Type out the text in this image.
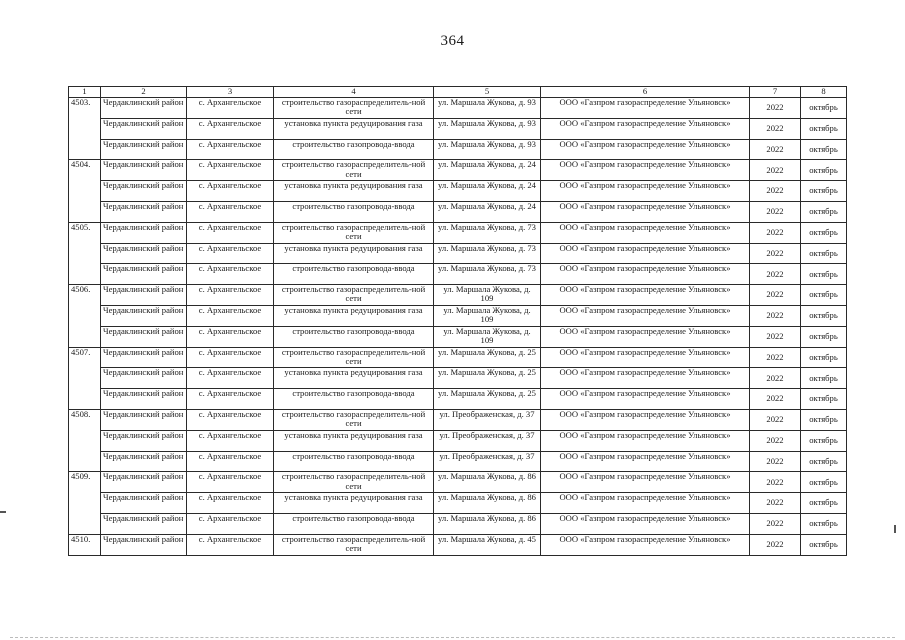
364
1	2	3	4	5	6	7	8
4503.	Чердаклинский район	с. Архангельское	строительство газораспределитель-ной сети	ул. Маршала Жукова, д. 93	ООО «Газпром газораспределение Ульяновск»	2022	октябрь
	Чердаклинский район	с. Архангельское	установка пункта редуцирования газа	ул. Маршала Жукова, д. 93	ООО «Газпром газораспределение Ульяновск»	2022	октябрь
	Чердаклинский район	с. Архангельское	строительство газопровода-ввода	ул. Маршала Жукова, д. 93	ООО «Газпром газораспределение Ульяновск»	2022	октябрь
4504.	Чердаклинский район	с. Архангельское	строительство газораспределитель-ной сети	ул. Маршала Жукова, д. 24	ООО «Газпром газораспределение Ульяновск»	2022	октябрь
	Чердаклинский район	с. Архангельское	установка пункта редуцирования газа	ул. Маршала Жукова, д. 24	ООО «Газпром газораспределение Ульяновск»	2022	октябрь
	Чердаклинский район	с. Архангельское	строительство газопровода-ввода	ул. Маршала Жукова, д. 24	ООО «Газпром газораспределение Ульяновск»	2022	октябрь
4505.	Чердаклинский район	с. Архангельское	строительство газораспределитель-ной сети	ул. Маршала Жукова, д. 73	ООО «Газпром газораспределение Ульяновск»	2022	октябрь
	Чердаклинский район	с. Архангельское	установка пункта редуцирования газа	ул. Маршала Жукова, д. 73	ООО «Газпром газораспределение Ульяновск»	2022	октябрь
	Чердаклинский район	с. Архангельское	строительство газопровода-ввода	ул. Маршала Жукова, д. 73	ООО «Газпром газораспределение Ульяновск»	2022	октябрь
4506.	Чердаклинский район	с. Архангельское	строительство газораспределитель-ной сети	ул. Маршала Жукова, д. 109	ООО «Газпром газораспределение Ульяновск»	2022	октябрь
	Чердаклинский район	с. Архангельское	установка пункта редуцирования газа	ул. Маршала Жукова, д. 109	ООО «Газпром газораспределение Ульяновск»	2022	октябрь
	Чердаклинский район	с. Архангельское	строительство газопровода-ввода	ул. Маршала Жукова, д. 109	ООО «Газпром газораспределение Ульяновск»	2022	октябрь
4507.	Чердаклинский район	с. Архангельское	строительство газораспределитель-ной сети	ул. Маршала Жукова, д. 25	ООО «Газпром газораспределение Ульяновск»	2022	октябрь
	Чердаклинский район	с. Архангельское	установка пункта редуцирования газа	ул. Маршала Жукова, д. 25	ООО «Газпром газораспределение Ульяновск»	2022	октябрь
	Чердаклинский район	с. Архангельское	строительство газопровода-ввода	ул. Маршала Жукова, д. 25	ООО «Газпром газораспределение Ульяновск»	2022	октябрь
4508.	Чердаклинский район	с. Архангельское	строительство газораспределитель-ной сети	ул. Преображенская, д. 37	ООО «Газпром газораспределение Ульяновск»	2022	октябрь
	Чердаклинский район	с. Архангельское	установка пункта редуцирования газа	ул. Преображенская, д. 37	ООО «Газпром газораспределение Ульяновск»	2022	октябрь
	Чердаклинский район	с. Архангельское	строительство газопровода-ввода	ул. Преображенская, д. 37	ООО «Газпром газораспределение Ульяновск»	2022	октябрь
4509.	Чердаклинский район	с. Архангельское	строительство газораспределитель-ной сети	ул. Маршала Жукова, д. 86	ООО «Газпром газораспределение Ульяновск»	2022	октябрь
	Чердаклинский район	с. Архангельское	установка пункта редуцирования газа	ул. Маршала Жукова, д. 86	ООО «Газпром газораспределение Ульяновск»	2022	октябрь
	Чердаклинский район	с. Архангельское	строительство газопровода-ввода	ул. Маршала Жукова, д. 86	ООО «Газпром газораспределение Ульяновск»	2022	октябрь
4510.	Чердаклинский район	с. Архангельское	строительство газораспределитель-ной сети	ул. Маршала Жукова, д. 45	ООО «Газпром газораспределение Ульяновск»	2022	октябрь
